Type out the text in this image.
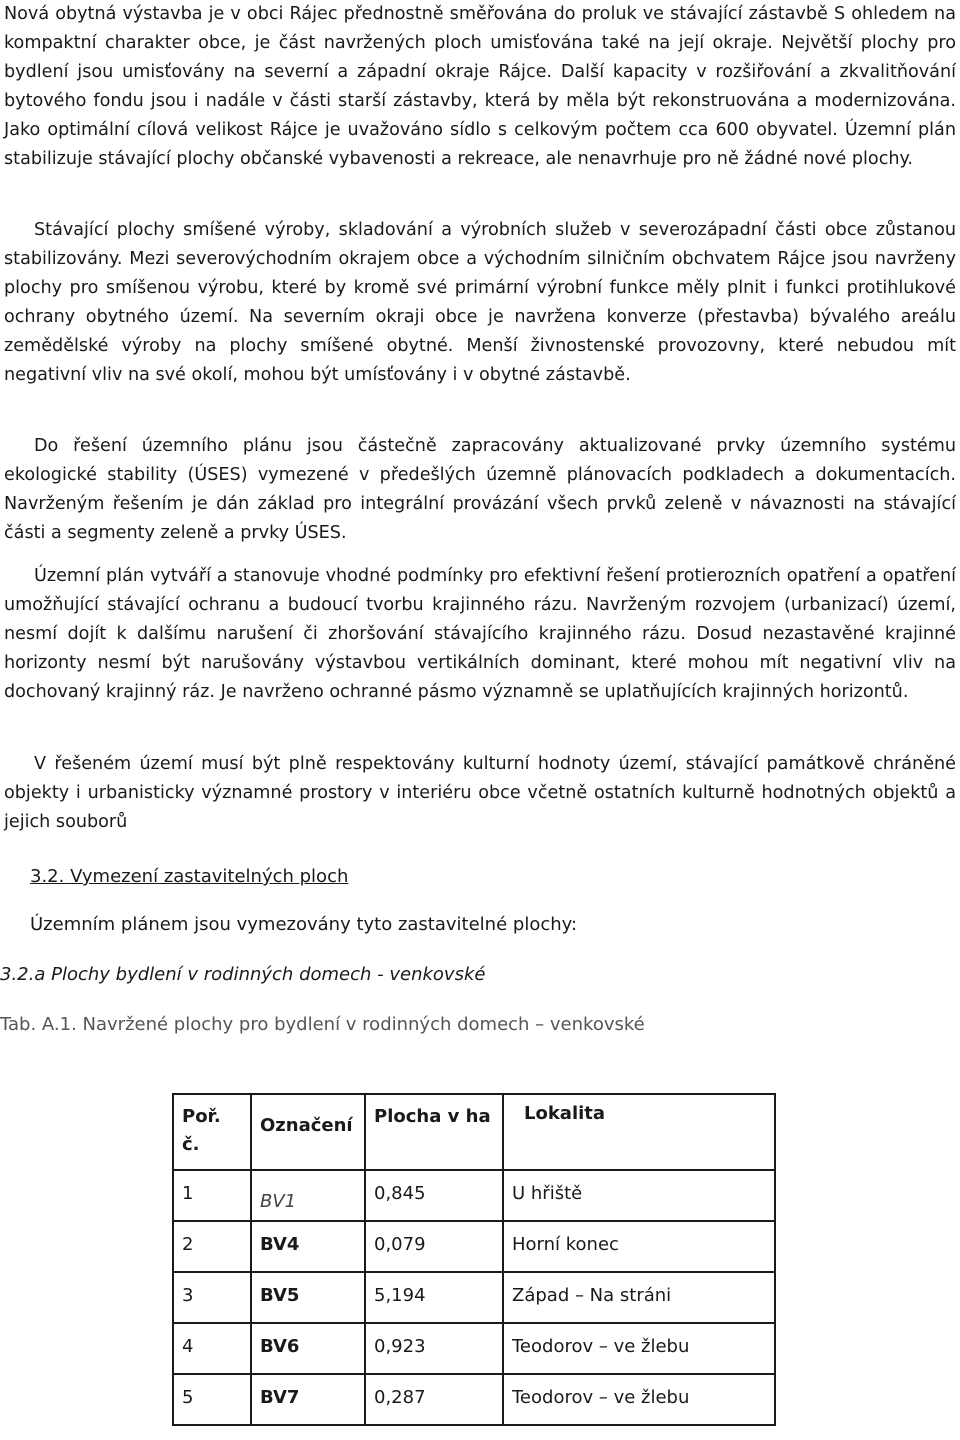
Nová obytná výstavba je v obci Rájec přednostně směřována do proluk ve stávající zástavbě S ohledem na kompaktní charakter obce, je část navržených ploch umisťována také na její okraje. Největší plochy pro bydlení jsou umisťovány na severní a západní okraje Rájce. Další kapacity v rozšiřování a zkvalitňování bytového fondu jsou i nadále v části starší zástavby, která by měla být rekonstruována a modernizována. Jako optimální cílová velikost Rájce je uvažováno sídlo s celkovým počtem cca 600 obyvatel. Územní plán stabilizuje stávající plochy občanské vybavenosti a rekreace, ale nenavrhuje pro ně žádné nové plochy.

Stávající plochy smíšené výroby, skladování a výrobních služeb v severozápadní části obce zůstanou stabilizovány. Mezi severovýchodním okrajem obce a východním silničním obchvatem Rájce jsou navrženy plochy pro smíšenou výrobu, které by kromě své primární výrobní funkce měly plnit i funkci protihlukové ochrany obytného území. Na severním okraji obce je navržena konverze (přestavba) bývalého areálu zemědělské výroby na plochy smíšené obytné. Menší živnostenské provozovny, které nebudou mít negativní vliv na své okolí, mohou být umísťovány i v obytné zástavbě.

Do řešení územního plánu jsou částečně zapracovány aktualizované prvky územního systému ekologické stability (ÚSES) vymezené v předešlých územně plánovacích podkladech a dokumentacích. Navrženým řešením je dán základ pro integrální provázání všech prvků zeleně v návaznosti na stávající části a segmenty zeleně a prvky ÚSES.

Územní plán vytváří a stanovuje vhodné podmínky pro efektivní řešení protierozních opatření a opatření umožňující stávající ochranu a budoucí tvorbu krajinného rázu. Navrženým rozvojem (urbanizací) území, nesmí dojít k dalšímu narušení či zhoršování stávajícího krajinného rázu. Dosud nezastavěné krajinné horizonty nesmí být narušovány výstavbou vertikálních dominant, které mohou mít negativní vliv na dochovaný krajinný ráz. Je navrženo ochranné pásmo významně se uplatňujících krajinných horizontů.

V řešeném území musí být plně respektovány kulturní hodnoty území, stávající památkově chráněné objekty i urbanisticky významné prostory v interiéru obce včetně ostatních kulturně hodnotných objektů a jejich souborů

3.2. Vymezení zastavitelných ploch
Územním plánem jsou vymezovány tyto zastavitelné plochy:
3.2.a Plochy bydlení v rodinných domech - venkovské
Tab. A.1. Navržené plochy pro bydlení v rodinných domech – venkovské
Poř. č.	Označení	Plocha v ha	Lokalita
1	BV1	0,845	U hřiště
2	BV4	0,079	Horní konec
3	BV5	5,194	Západ – Na stráni
4	BV6	0,923	Teodorov – ve žlebu
5	BV7	0,287	Teodorov – ve žlebu
